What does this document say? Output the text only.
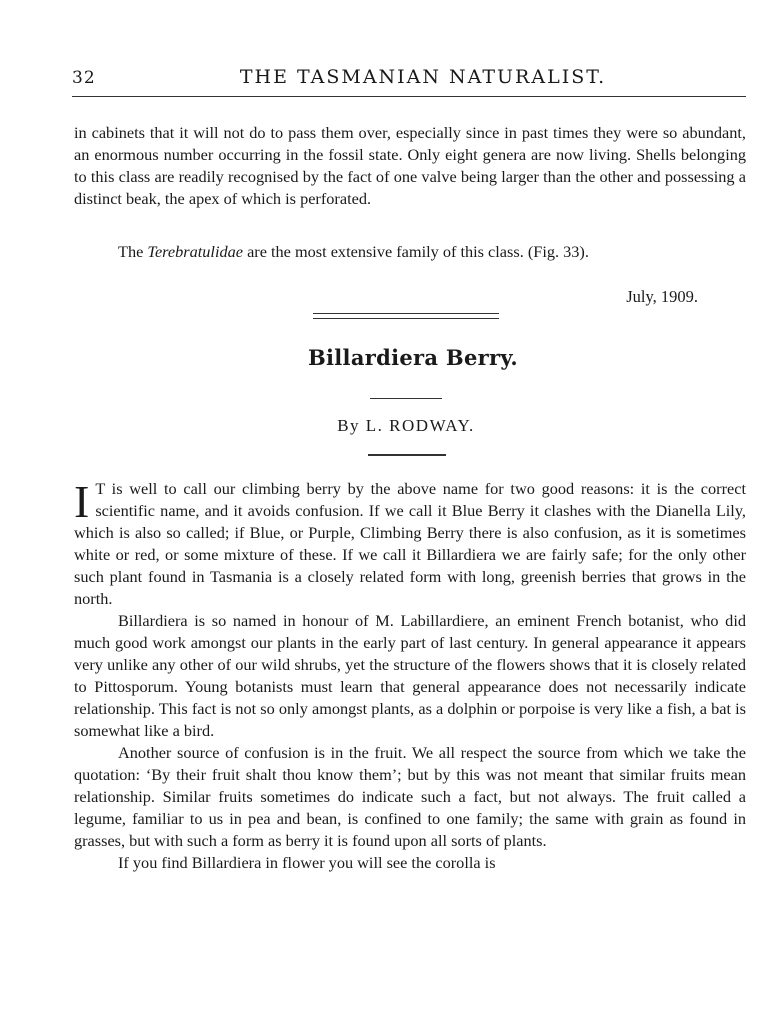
32	THE TASMANIAN NATURALIST.

in cabinets that it will not do to pass them over, especially since in past times they were so abundant, an enormous number occurring in the fossil state. Only eight genera are now living. Shells belonging to this class are readily recognised by the fact of one valve being larger than the other and possessing a distinct beak, the apex of which is perforated.

The Terebratulidae are the most extensive family of this class. (Fig. 33).

July, 1909.
Billardiera Berry.
By L. RODWAY.

I T is well to call our climbing berry by the above name for two good reasons: it is the correct scientific name, and it avoids confusion. If we call it Blue Berry it clashes with the Dianella Lily, which is also so called; if Blue, or Purple, Climbing Berry there is also confusion, as it is sometimes white or red, or some mixture of these. If we call it Billardiera we are fairly safe; for the only other such plant found in Tasmania is a closely related form with long, greenish berries that grows in the north.

Billardiera is so named in honour of M. Labillardiere, an eminent French botanist, who did much good work amongst our plants in the early part of last century. In general appearance it appears very unlike any other of our wild shrubs, yet the structure of the flowers shows that it is closely related to Pittosporum. Young botanists must learn that general appearance does not necessarily indicate relationship. This fact is not so only amongst plants, as a dolphin or porpoise is very like a fish, a bat is somewhat like a bird.

Another source of confusion is in the fruit. We all respect the source from which we take the quotation: ‘By their fruit shalt thou know them’; but by this was not meant that similar fruits mean relationship. Similar fruits sometimes do indicate such a fact, but not always. The fruit called a legume, familiar to us in pea and bean, is confined to one family; the same with grain as found in grasses, but with such a form as berry it is found upon all sorts of plants.

If you find Billardiera in flower you will see the corolla is
